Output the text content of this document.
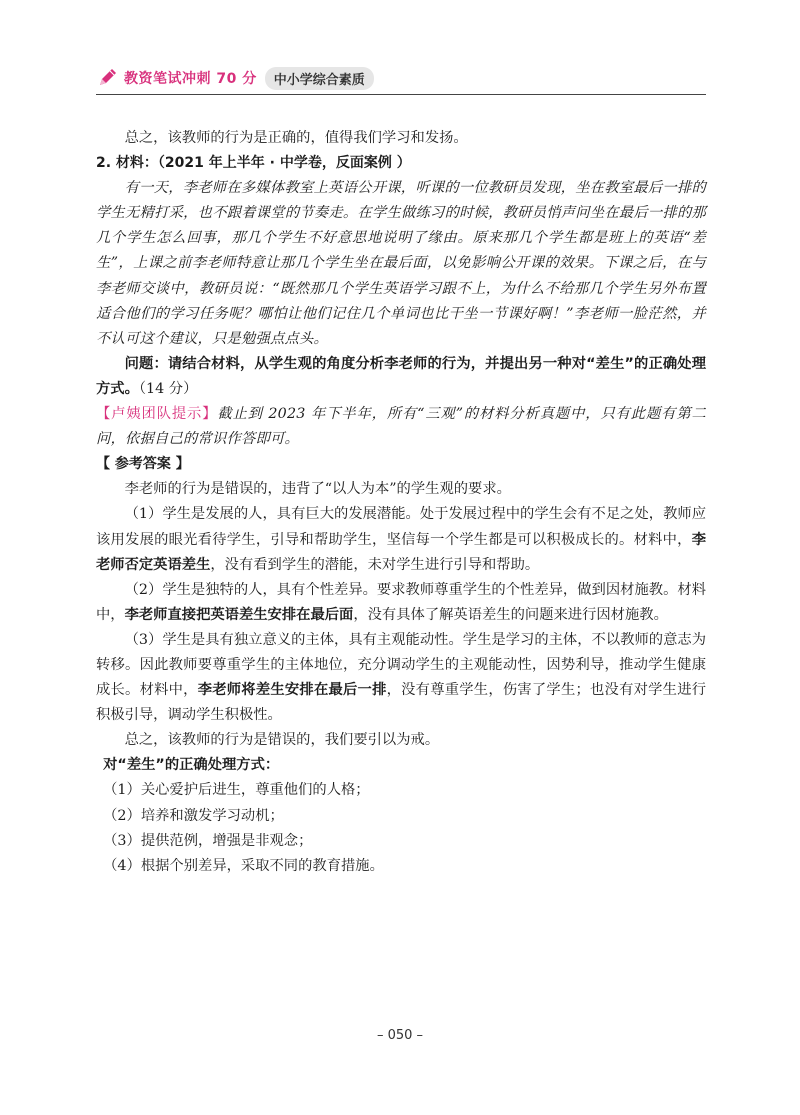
教资笔试冲刺 70 分	中小学综合素质

总之，该教师的行为是正确的，值得我们学习和发扬。

2. 材料：（2021 年上半年 · 中学卷，反面案例 ）

有一天，李老师在多媒体教室上英语公开课，听课的一位教研员发现，坐在教室最后一排的学生无精打采，也不跟着课堂的节奏走。在学生做练习的时候，教研员悄声问坐在最后一排的那几个学生怎么回事，那几个学生不好意思地说明了缘由。原来那几个学生都是班上的英语“差生”，上课之前李老师特意让那几个学生坐在最后面，以免影响公开课的效果。下课之后，在与李老师交谈中，教研员说：“既然那几个学生英语学习跟不上，为什么不给那几个学生另外布置适合他们的学习任务呢？哪怕让他们记住几个单词也比干坐一节课好啊！”李老师一脸茫然，并不认可这个建议，只是勉强点点头。

问题：请结合材料，从学生观的角度分析李老师的行为，并提出另一种对“差生”的正确处理方式。（14 分）

【卢姨团队提示】截止到 2023 年下半年，所有“三观”的材料分析真题中，只有此题有第二问，依据自己的常识作答即可。

【 参考答案 】

李老师的行为是错误的，违背了“以人为本”的学生观的要求。

（1）学生是发展的人，具有巨大的发展潜能。处于发展过程中的学生会有不足之处，教师应该用发展的眼光看待学生，引导和帮助学生，坚信每一个学生都是可以积极成长的。材料中，李老师否定英语差生，没有看到学生的潜能，未对学生进行引导和帮助。

（2）学生是独特的人，具有个性差异。要求教师尊重学生的个性差异，做到因材施教。材料中，李老师直接把英语差生安排在最后面，没有具体了解英语差生的问题来进行因材施教。

（3）学生是具有独立意义的主体，具有主观能动性。学生是学习的主体，不以教师的意志为转移。因此教师要尊重学生的主体地位，充分调动学生的主观能动性，因势利导，推动学生健康成长。材料中，李老师将差生安排在最后一排，没有尊重学生，伤害了学生；也没有对学生进行积极引导，调动学生积极性。

总之，该教师的行为是错误的，我们要引以为戒。

对“差生”的正确处理方式：

（1）关心爱护后进生，尊重他们的人格；

（2）培养和激发学习动机；

（3）提供范例，增强是非观念；

（4）根据个别差异，采取不同的教育措施。

– 050 –
